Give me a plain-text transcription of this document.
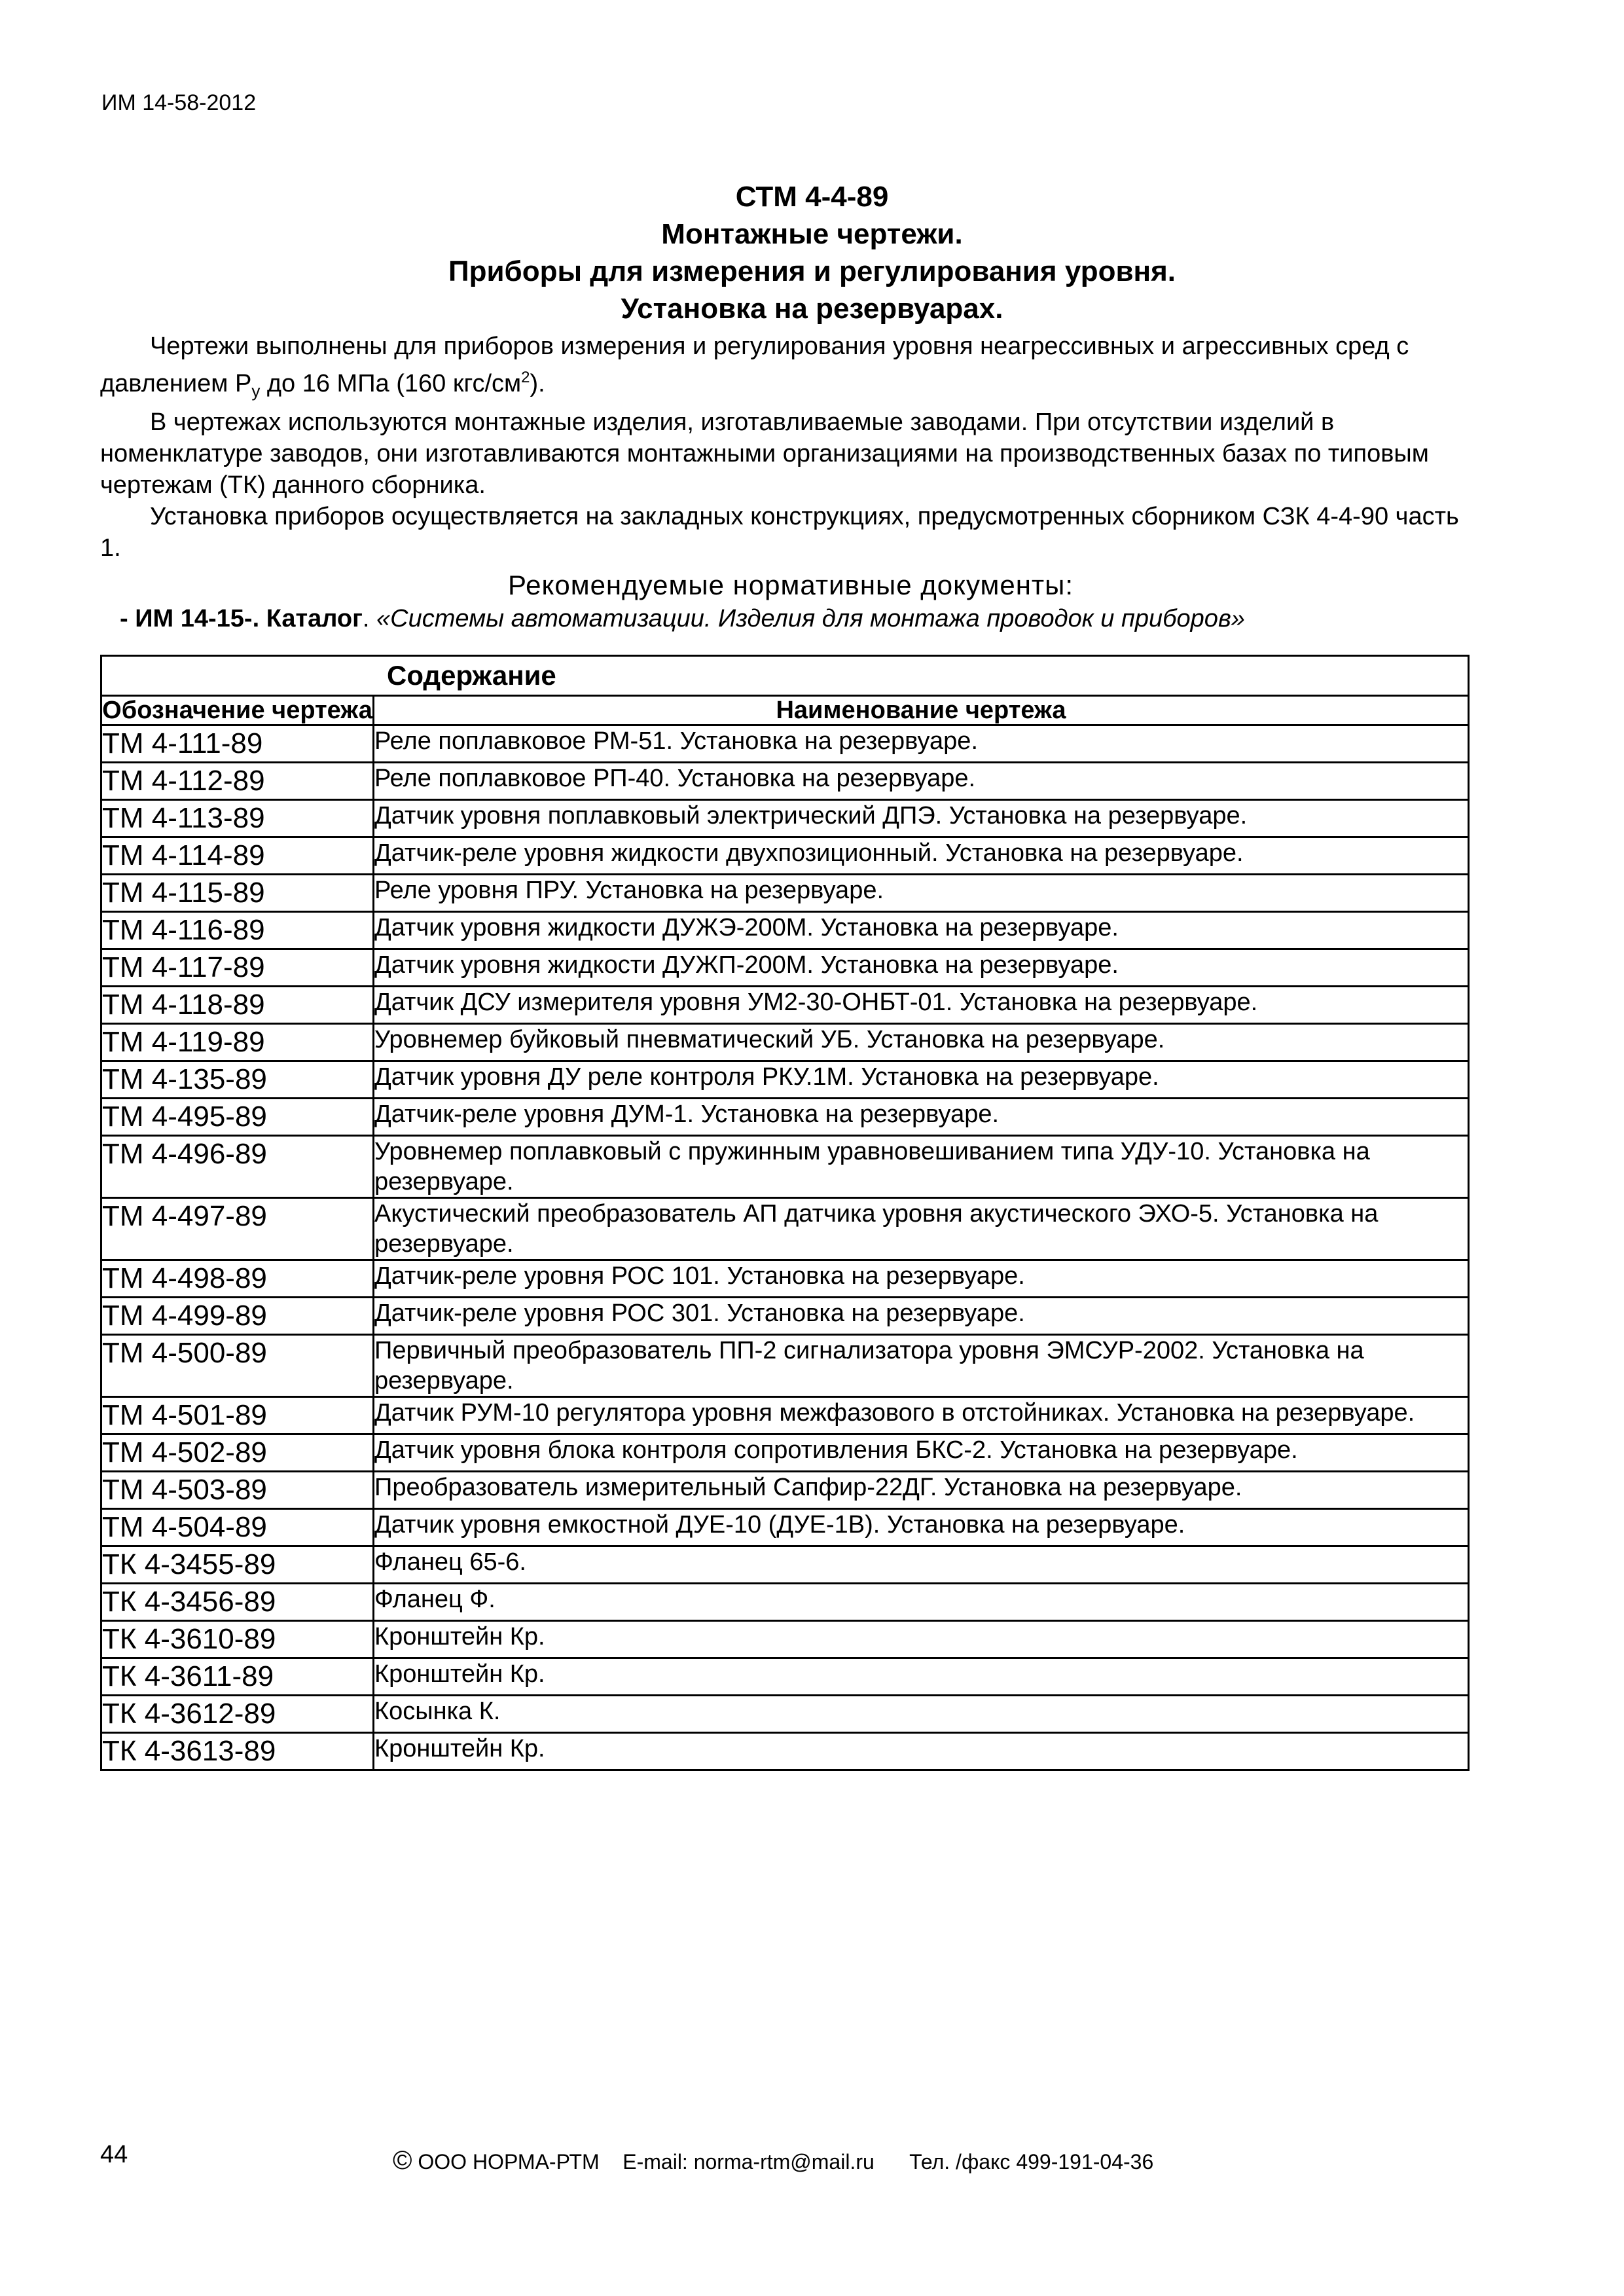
ИМ 14-58-2012
СТМ 4-4-89
Монтажные чертежи.
Приборы для измерения и регулирования уровня.
Установка на резервуарах.

Чертежи выполнены для приборов измерения и регулирования уровня неагрессивных и агрессивных сред с давлением $P_у$ до 16 МПа (160 кгс/$см^2$).

В чертежах используются монтажные изделия, изготавливаемые заводами. При отсутствии изделий в номенклатуре заводов, они изготавливаются монтажными организациями на производственных базах по типовым чертежам (ТК) данного сборника.

Установка приборов осуществляется на закладных конструкциях, предусмотренных сборником СЗК 4-4-90 часть 1.

Рекомендуемые нормативные документы:

- ИМ 14-15-. Каталог. «Системы автоматизации. Изделия для монтажа проводок и приборов»

Содержание	

Обозначение чертежа	Наименование чертежа
ТМ 4-111-89	Реле поплавковое РМ-51. Установка на резервуаре.
ТМ 4-112-89	Реле поплавковое РП-40. Установка на резервуаре.
ТМ 4-113-89	Датчик уровня поплавковый электрический ДПЭ. Установка на резервуаре.
ТМ 4-114-89	Датчик-реле уровня жидкости двухпозиционный. Установка на резервуаре.
ТМ 4-115-89	Реле уровня ПРУ. Установка на резервуаре.
ТМ 4-116-89	Датчик уровня жидкости ДУЖЭ-200М. Установка на резервуаре.
ТМ 4-117-89	Датчик уровня жидкости ДУЖП-200М. Установка на резервуаре.
ТМ 4-118-89	Датчик ДСУ измерителя уровня УМ2-30-ОНБТ-01. Установка на резервуаре.
ТМ 4-119-89	Уровнемер буйковый пневматический УБ. Установка на резервуаре.
ТМ 4-135-89	Датчик уровня ДУ реле контроля РКУ.1М. Установка на резервуаре.
ТМ 4-495-89	Датчик-реле уровня ДУМ-1. Установка на резервуаре.
ТМ 4-496-89	Уровнемер поплавковый с пружинным уравновешиванием типа УДУ-10. Установка на резервуаре.
ТМ 4-497-89	Акустический преобразователь АП датчика уровня акустического ЭХО-5. Установка на резервуаре.
ТМ 4-498-89	Датчик-реле уровня РОС 101. Установка на резервуаре.
ТМ 4-499-89	Датчик-реле уровня РОС 301. Установка на резервуаре.
ТМ 4-500-89	Первичный преобразователь ПП-2 сигнализатора уровня ЭМСУР-2002. Установка на резервуаре.
ТМ 4-501-89	Датчик РУМ-10 регулятора уровня межфазового в отстойниках. Установка на резервуаре.
ТМ 4-502-89	Датчик уровня блока контроля сопротивления БКС-2. Установка на резервуаре.
ТМ 4-503-89	Преобразователь измерительный Сапфир-22ДГ. Установка на резервуаре.
ТМ 4-504-89	Датчик уровня емкостной ДУЕ-10 (ДУЕ-1В). Установка на резервуаре.
ТК 4-3455-89	Фланец 65-6.
ТК 4-3456-89	Фланец Ф.
ТК 4-3610-89	Кронштейн Кр.
ТК 4-3611-89	Кронштейн Кр.
ТК 4-3612-89	Косынка К.
ТК 4-3613-89	Кронштейн Кр.
44	© ООО НОРМА-РТМ    E-mail: norma-rtm@mail.ru      Тел. /факс 499-191-04-36
